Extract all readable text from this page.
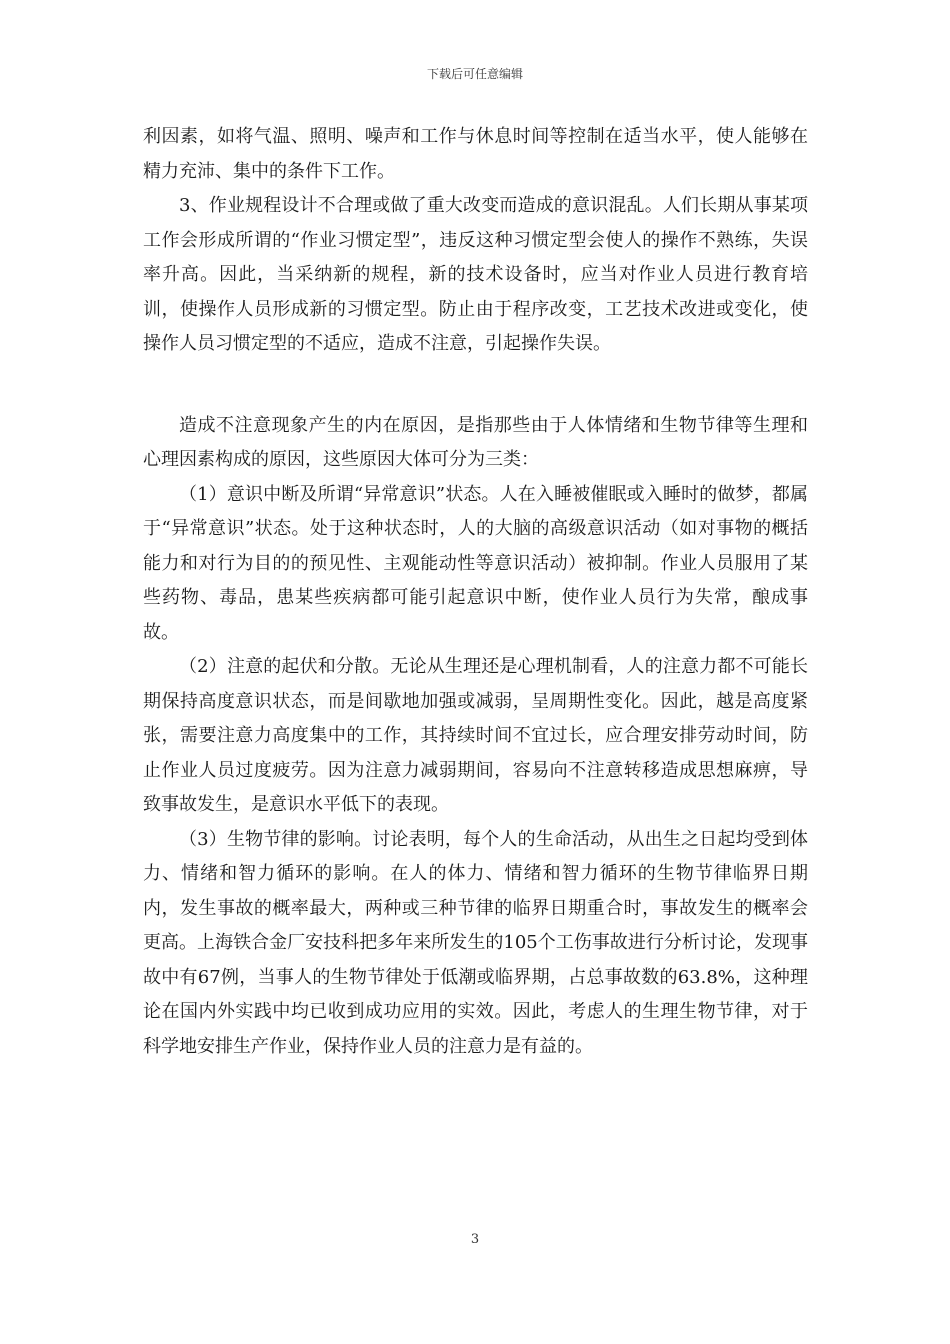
下载后可任意编辑

利因素，如将气温、照明、噪声和工作与休息时间等控制在适当水平，使人能够在精力充沛、集中的条件下工作。

3、作业规程设计不合理或做了重大改变而造成的意识混乱。人们长期从事某项工作会形成所谓的“作业习惯定型”，违反这种习惯定型会使人的操作不熟练，失误率升高。因此，当采纳新的规程，新的技术设备时，应当对作业人员进行教育培训，使操作人员形成新的习惯定型。防止由于程序改变，工艺技术改进或变化，使操作人员习惯定型的不适应，造成不注意，引起操作失误。

造成不注意现象产生的内在原因，是指那些由于人体情绪和生物节律等生理和心理因素构成的原因，这些原因大体可分为三类：

（1）意识中断及所谓“异常意识”状态。人在入睡被催眠或入睡时的做梦，都属于“异常意识”状态。处于这种状态时，人的大脑的高级意识活动（如对事物的概括能力和对行为目的的预见性、主观能动性等意识活动）被抑制。作业人员服用了某些药物、毒品，患某些疾病都可能引起意识中断，使作业人员行为失常，酿成事故。

（2）注意的起伏和分散。无论从生理还是心理机制看，人的注意力都不可能长期保持高度意识状态，而是间歇地加强或减弱，呈周期性变化。因此，越是高度紧张，需要注意力高度集中的工作，其持续时间不宜过长，应合理安排劳动时间，防止作业人员过度疲劳。因为注意力减弱期间，容易向不注意转移造成思想麻痹，导致事故发生，是意识水平低下的表现。

（3）生物节律的影响。讨论表明，每个人的生命活动，从出生之日起均受到体力、情绪和智力循环的影响。在人的体力、情绪和智力循环的生物节律临界日期内，发生事故的概率最大，两种或三种节律的临界日期重合时，事故发生的概率会更高。上海铁合金厂安技科把多年来所发生的105个工伤事故进行分析讨论，发现事故中有67例，当事人的生物节律处于低潮或临界期，占总事故数的63.8%，这种理论在国内外实践中均已收到成功应用的实效。因此，考虑人的生理生物节律，对于科学地安排生产作业，保持作业人员的注意力是有益的。

3
